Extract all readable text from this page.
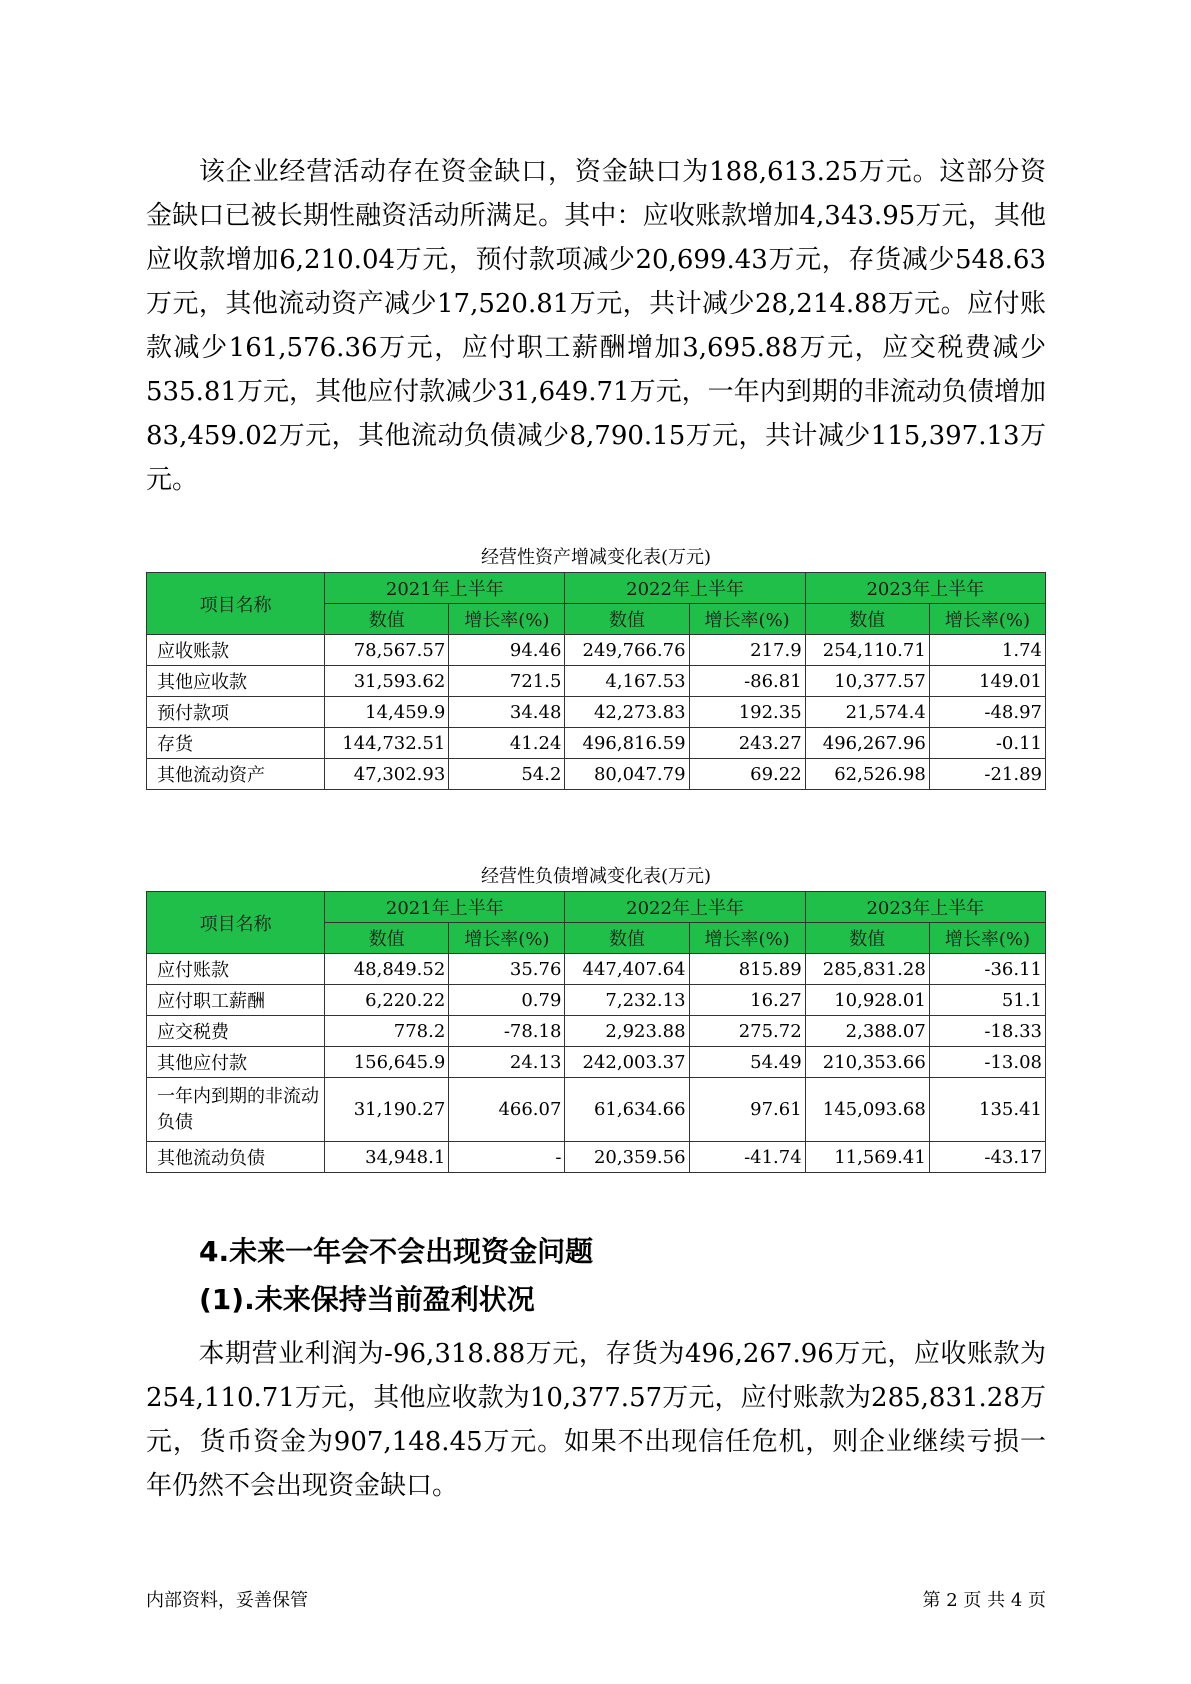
该企业经营活动存在资金缺口，资金缺口为188,613.25万元。这部分资金缺口已被长期性融资活动所满足。其中：应收账款增加4,343.95万元，其他应收款增加6,210.04万元，预付款项减少20,699.43万元，存货减少548.63万元，其他流动资产减少17,520.81万元，共计减少28,214.88万元。应付账款减少161,576.36万元，应付职工薪酬增加3,695.88万元，应交税费减少535.81万元，其他应付款减少31,649.71万元，一年内到期的非流动负债增加83,459.02万元，其他流动负债减少8,790.15万元，共计减少115,397.13万元。

经营性资产增减变化表(万元)
项目名称	2021年上半年		2022年上半年		2023年上半年	
	数值	增长率(%)	数值	增长率(%)	数值	增长率(%)
应收账款	78,567.57	94.46	249,766.76	217.9	254,110.71	1.74
其他应收款	31,593.62	721.5	4,167.53	-86.81	10,377.57	149.01
预付款项	14,459.9	34.48	42,273.83	192.35	21,574.4	-48.97
存货	144,732.51	41.24	496,816.59	243.27	496,267.96	-0.11
其他流动资产	47,302.93	54.2	80,047.79	69.22	62,526.98	-21.89
经营性负债增减变化表(万元)
项目名称	2021年上半年		2022年上半年		2023年上半年	
	数值	增长率(%)	数值	增长率(%)	数值	增长率(%)
应付账款	48,849.52	35.76	447,407.64	815.89	285,831.28	-36.11
应付职工薪酬	6,220.22	0.79	7,232.13	16.27	10,928.01	51.1
应交税费	778.2	-78.18	2,923.88	275.72	2,388.07	-18.33
其他应付款	156,645.9	24.13	242,003.37	54.49	210,353.66	-13.08
一年内到期的非流动负债	31,190.27	466.07	61,634.66	97.61	145,093.68	135.41
其他流动负债	34,948.1	-	20,359.56	-41.74	11,569.41	-43.17
4.未来一年会不会出现资金问题
(1).未来保持当前盈利状况

本期营业利润为-96,318.88万元，存货为496,267.96万元，应收账款为254,110.71万元，其他应收款为10,377.57万元，应付账款为285,831.28万元，货币资金为907,148.45万元。如果不出现信任危机，则企业继续亏损一年仍然不会出现资金缺口。

内部资料，妥善保管	第 2 页 共 4 页
